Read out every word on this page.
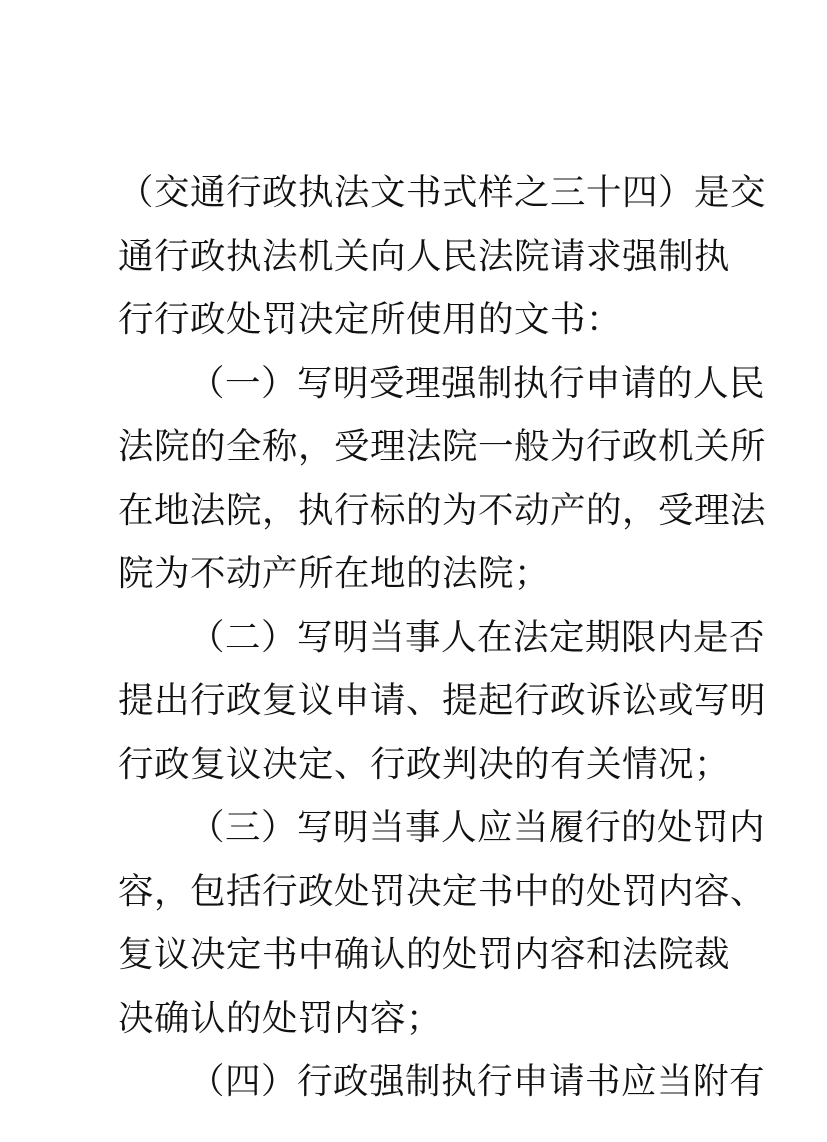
（交通行政执法文书式样之三十四）是交
通行政执法机关向人民法院请求强制执
行行政处罚决定所使用的文书：
（一）写明受理强制执行申请的人民
法院的全称，受理法院一般为行政机关所
在地法院，执行标的为不动产的，受理法
院为不动产所在地的法院；
（二）写明当事人在法定期限内是否
提出行政复议申请、提起行政诉讼或写明
行政复议决定、行政判决的有关情况；
（三）写明当事人应当履行的处罚内
容，包括行政处罚决定书中的处罚内容、
复议决定书中确认的处罚内容和法院裁
决确认的处罚内容；
（四）行政强制执行申请书应当附有
